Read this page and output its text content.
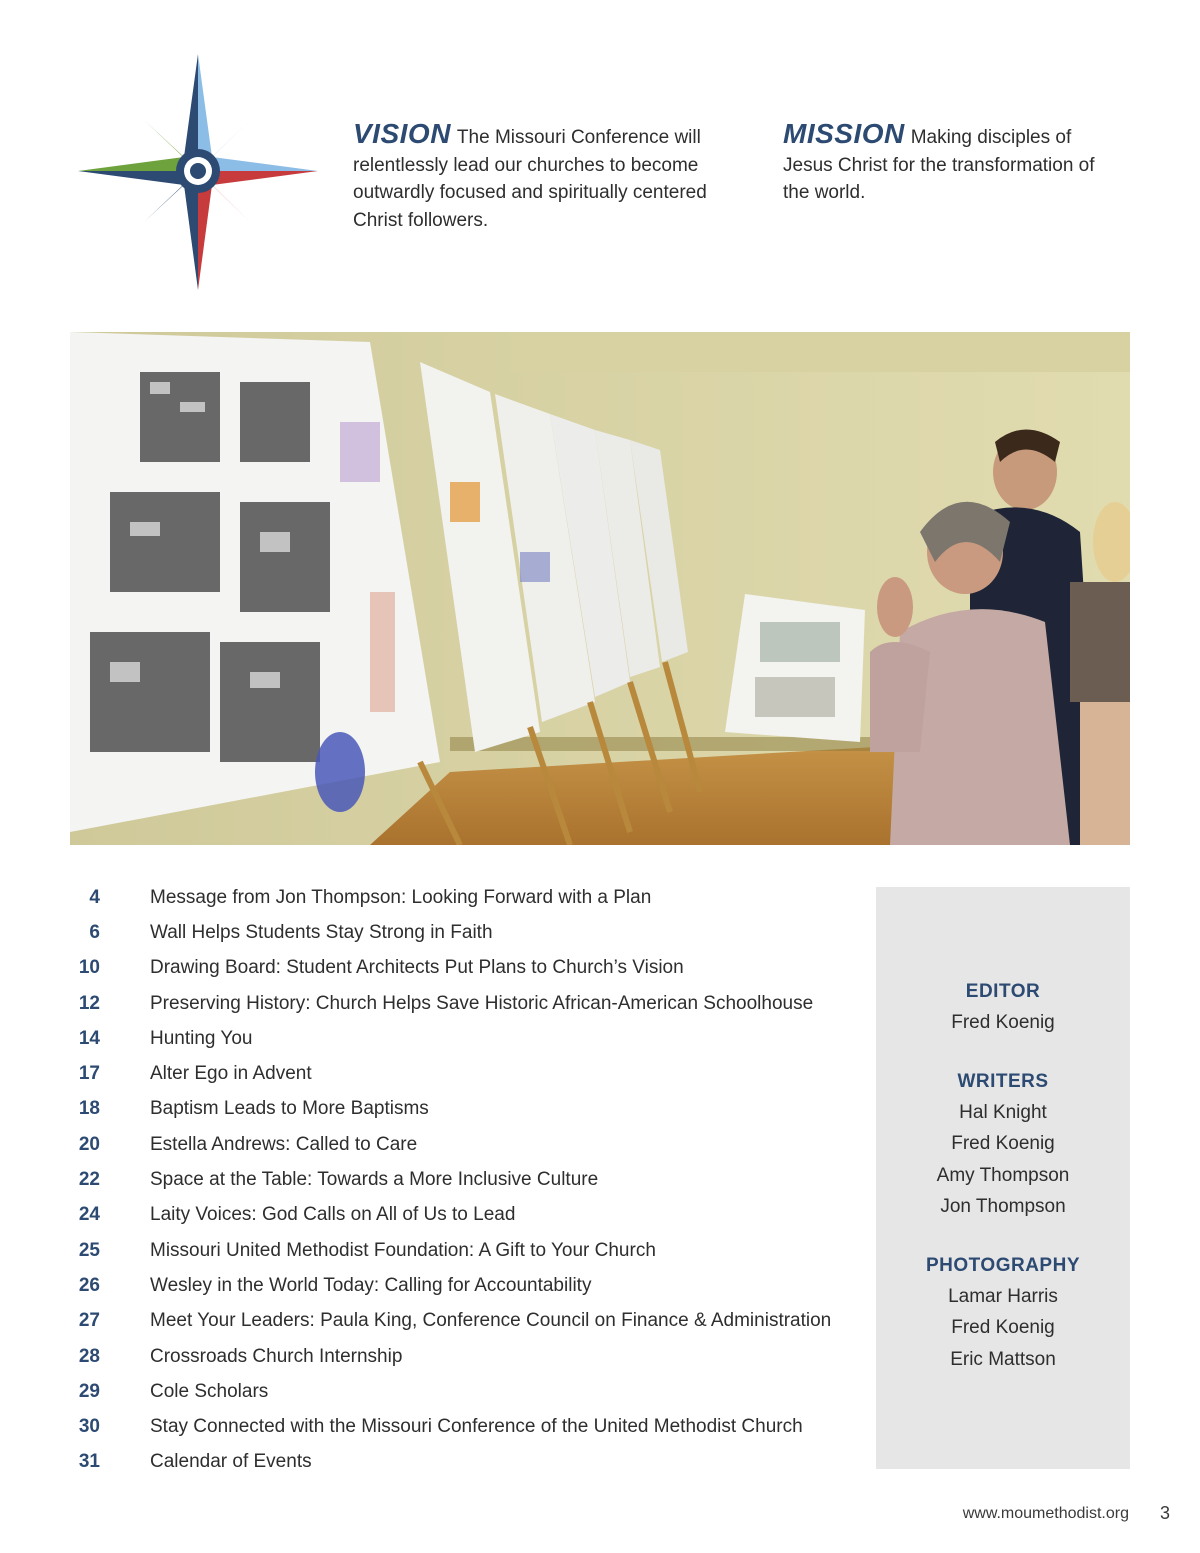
VISION The Missouri Conference will relentlessly lead our churches to become outwardly focused and spiritually centered Christ followers.
MISSION Making disciples of Jesus Christ for the transformation of the world.
4	Message from Jon Thompson: Looking Forward with a Plan
6	Wall Helps Students Stay Strong in Faith
10	Drawing Board: Student Architects Put Plans to Church’s Vision
12	Preserving History: Church Helps Save Historic African-American Schoolhouse
14	Hunting You
17	Alter Ego in Advent
18	Baptism Leads to More Baptisms
20	Estella Andrews: Called to Care
22	Space at the Table: Towards a More Inclusive Culture
24	Laity Voices: God Calls on All of Us to Lead
25	Missouri United Methodist Foundation: A Gift to Your Church
26	Wesley in the World Today: Calling for Accountability
27	Meet Your Leaders: Paula King, Conference Council on Finance & Administration
28	Crossroads Church Internship
29	Cole Scholars
30	Stay Connected with the Missouri Conference of the United Methodist Church
31	Calendar of Events
EDITOR
Fred Koenig
WRITERS
Hal Knight
Fred Koenig
Amy Thompson
Jon Thompson
PHOTOGRAPHY
Lamar Harris
Fred Koenig
Eric Mattson
www.moumethodist.org 3
